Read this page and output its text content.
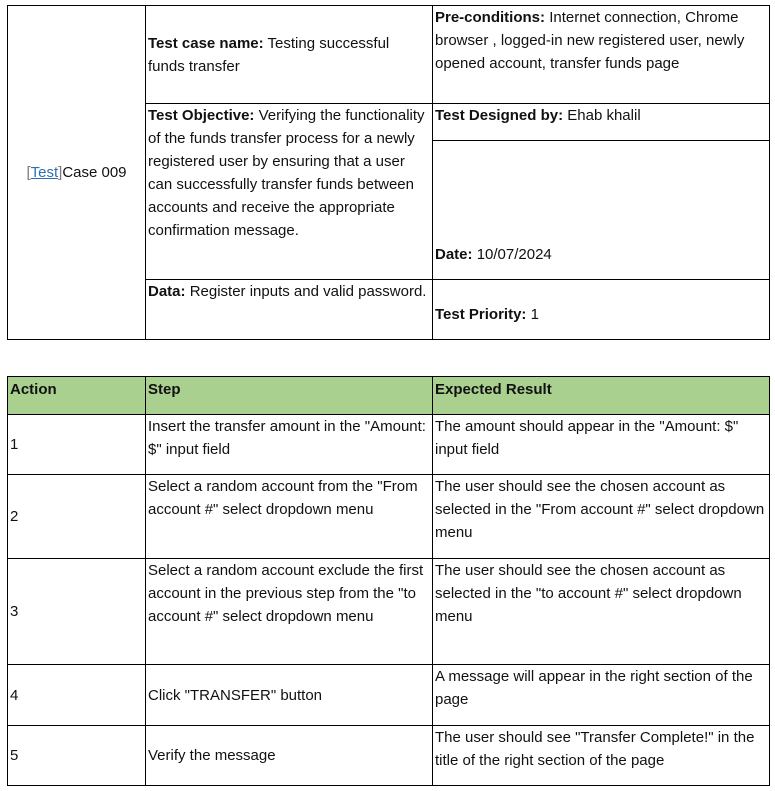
[Test]Case 009	Test case name: Testing successful funds transfer	Pre-conditions: Internet connection, Chrome browser , logged-in new registered user, newly opened account, transfer funds page
	Test Objective: Verifying the functionality of the funds transfer process for a newly registered user by ensuring that a user can successfully transfer funds between accounts and receive the appropriate confirmation message.	Test Designed by: Ehab khalil
		Date: 10/07/2024
	Data: Register inputs and valid password.	Test Priority: 1
Action	Step	Expected Result
1	Insert the transfer amount in the "Amount: $" input field	The amount should appear in the "Amount: $" input field
2	Select a random account from the "From account #" select dropdown menu	The user should see the chosen account as selected in the "From account #" select dropdown menu
3	Select a random account exclude the first account in the previous step from the "to account #" select dropdown menu	The user should see the chosen account as selected in the "to account #" select dropdown menu
4	Click "TRANSFER" button	A message will appear in the right section of the page
5	Verify the message	The user should see "Transfer Complete!" in the title of the right section of the page
